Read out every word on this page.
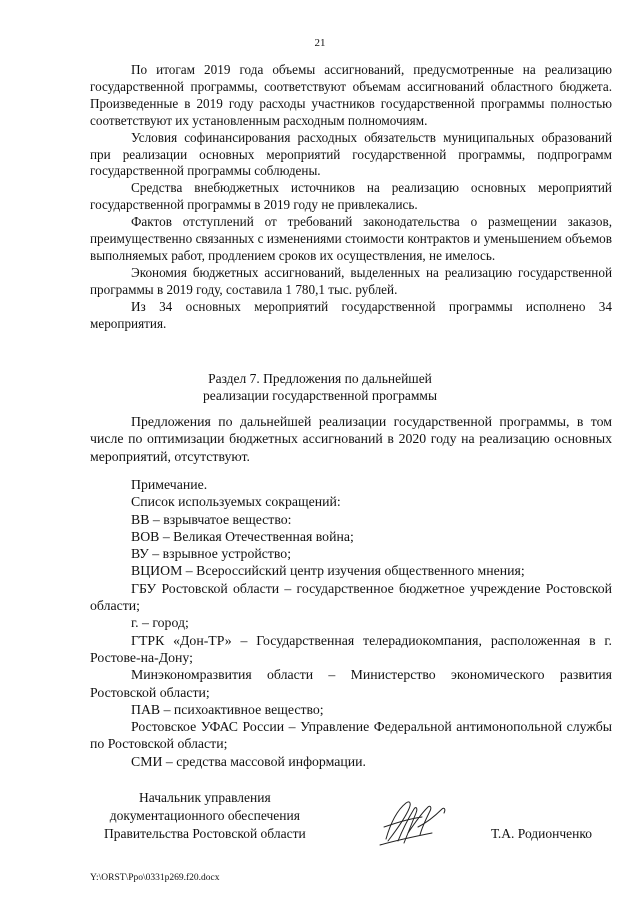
21

По итогам 2019 года объемы ассигнований, предусмотренные на реализацию государственной программы, соответствуют объемам ассигнований областного бюджета. Произведенные в 2019 году расходы участников государственной программы полностью соответствуют их установленным расходным полномочиям.

Условия софинансирования расходных обязательств муниципальных образований при реализации основных мероприятий государственной программы, подпрограмм государственной программы соблюдены.

Средства внебюджетных источников на реализацию основных мероприятий государственной программы в 2019 году не привлекались.

Фактов отступлений от требований законодательства о размещении заказов, преимущественно связанных с изменениями стоимости контрактов и уменьшением объемов выполняемых работ, продлением сроков их осуществления, не имелось.

Экономия бюджетных ассигнований, выделенных на реализацию государственной программы в 2019 году, составила 1 780,1 тыс. рублей.

Из 34 основных мероприятий государственной программы исполнено 34 мероприятия.

Раздел 7. Предложения по дальнейшей
реализации государственной программы

Предложения по дальнейшей реализации государственной программы, в том числе по оптимизации бюджетных ассигнований в 2020 году на реализацию основных мероприятий, отсутствуют.

Примечание.

Список используемых сокращений:

ВВ – взрывчатое вещество:

ВОВ – Великая Отечественная война;

ВУ – взрывное устройство;

ВЦИОМ – Всероссийский центр изучения общественного мнения;

ГБУ Ростовской области – государственное бюджетное учреждение Ростовской области;

г. – город;

ГТРК «Дон-ТР» – Государственная телерадиокомпания, расположенная в г. Ростове-на-Дону;

Минэкономразвития области – Министерство экономического развития Ростовской области;

ПАВ – психоактивное вещество;

Ростовское УФАС России – Управление Федеральной антимонопольной службы по Ростовской области;

СМИ – средства массовой информации.

Начальник управления
документационного обеспечения
Правительства Ростовской области	Т.А. Родионченко
Y:\ORST\Ppo\0331p269.f20.docx
